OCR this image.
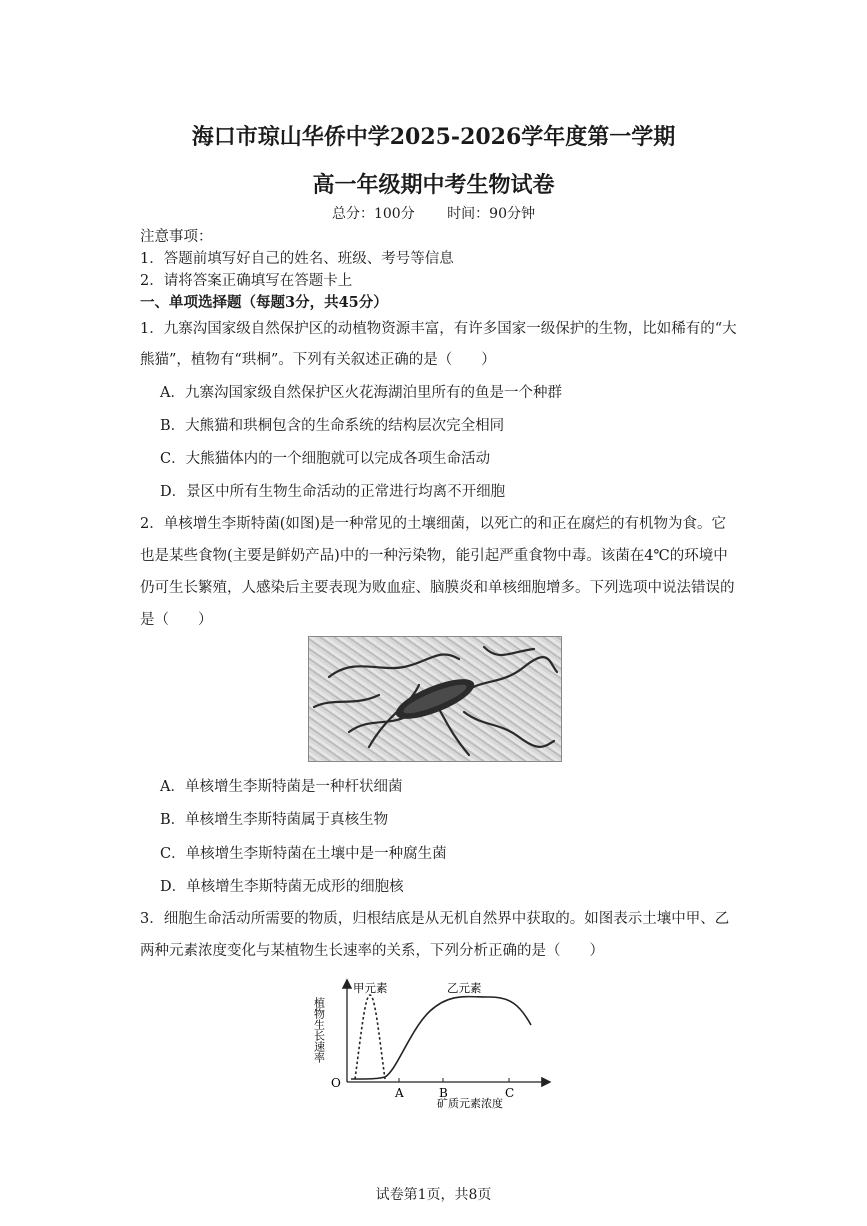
海口市琼山华侨中学2025-2026学年度第一学期
高一年级期中考生物试卷
总分：100分 时间：90分钟
注意事项：
1．答题前填写好自己的姓名、班级、考号等信息
2．请将答案正确填写在答题卡上
一、单项选择题（每题3分，共45分）
1．九寨沟国家级自然保护区的动植物资源丰富，有许多国家一级保护的生物，比如稀有的“大
熊猫”，植物有“珙桐”。下列有关叙述正确的是（　　）
A．九寨沟国家级自然保护区火花海湖泊里所有的鱼是一个种群
B．大熊猫和珙桐包含的生命系统的结构层次完全相同
C．大熊猫体内的一个细胞就可以完成各项生命活动
D．景区中所有生物生命活动的正常进行均离不开细胞
2．单核增生李斯特菌(如图)是一种常见的土壤细菌，以死亡的和正在腐烂的有机物为食。它
也是某些食物(主要是鲜奶产品)中的一种污染物，能引起严重食物中毒。该菌在4℃的环境中
仍可生长繁殖，人感染后主要表现为败血症、脑膜炎和单核细胞增多。下列选项中说法错误的
是（　　）
A．单核增生李斯特菌是一种杆状细菌
B．单核增生李斯特菌属于真核生物
C．单核增生李斯特菌在土壤中是一种腐生菌
D．单核增生李斯特菌无成形的细胞核
3．细胞生命活动所需要的物质，归根结底是从无机自然界中获取的。如图表示土壤中甲、乙
两种元素浓度变化与某植物生长速率的关系，下列分析正确的是（　　）
植物生长速率
O
A	B	C
矿质元素浓度
甲元素	乙元素
试卷第1页，共8页
